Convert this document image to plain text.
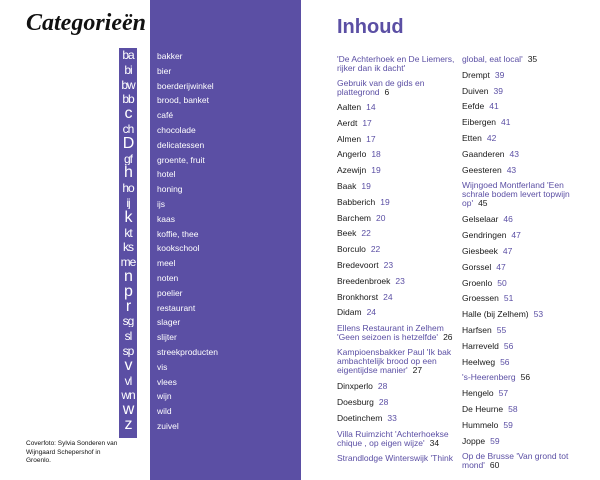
Categorieën
ba
bi
bw
bb
c
ch
D
gf
h
ho
ij
k
kt
ks
me
n
p
r
sg
sl
sp
v
vl
wn
w
z

Coverfoto: Sylvia Sonderen van Wijngaard Schepershof in Groenlo.

bakker
bier
boerderijwinkel
brood, banket
café
chocolade
delicatessen
groente, fruit
hotel
honing
ijs
kaas
koffie, thee
kookschool
meel
noten
poelier
restaurant
slager
slijter
streekproducten
vis
vlees
wijn
wild
zuivel
Inhoud
'De Achterhoek en De Liemers, rijker dan ik dacht'
Gebruik van de gids en plattegrond 6
Aalten 14
Aerdt 17
Almen 17
Angerlo 18
Azewijn 19
Baak 19
Babberich 19
Barchem 20
Beek 22
Borculo 22
Bredevoort 23
Breedenbroek 23
Bronkhorst 24
Didam 24
Ellens Restaurant in Zelhem 'Geen seizoen is hetzelfde' 26
Kampioensbakker Paul 'Ik bak ambachtelijk brood op een eigentijdse manier' 27
Dinxperlo 28
Doesburg 28
Doetinchem 33
Villa Ruimzicht 'Achterhoekse chique , op eigen wijze' 34
Strandlodge Winterswijk 'Think
global, eat local' 35
Drempt 39
Duiven 39
Eefde 41
Eibergen 41
Etten 42
Gaanderen 43
Geesteren 43
Wijngoed Montferland 'Een schrale bodem levert topwijn op' 45
Gelselaar 46
Gendringen 47
Giesbeek 47
Gorssel 47
Groenlo 50
Groessen 51
Halle (bij Zelhem) 53
Harfsen 55
Harreveld 56
Heelweg 56
's-Heerenberg 56
Hengelo 57
De Heurne 58
Hummelo 59
Joppe 59
Op de Brusse 'Van grond tot mond' 60
